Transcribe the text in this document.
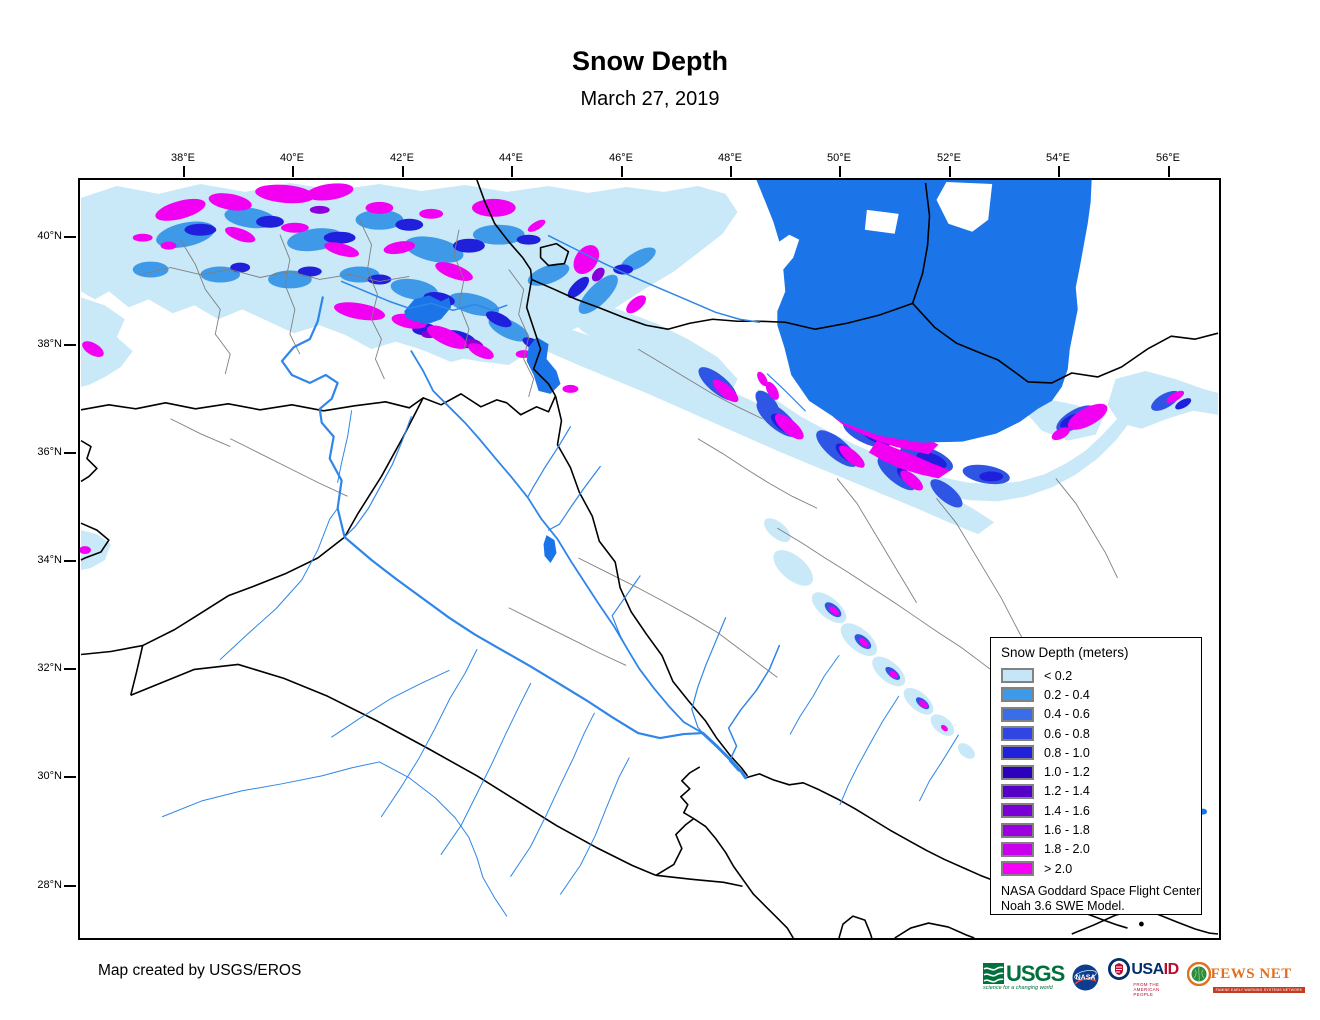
Snow Depth
March 27, 2019
38°E	40°E	42°E	44°E	46°E	48°E	50°E	52°E	54°E	56°E
40°N
38°N
36°N
34°N
32°N
30°N
28°N
Snow Depth (meters)
< 0.2
0.2 - 0.4
0.4 - 0.6
0.6 - 0.8
0.8 - 1.0
1.0 - 1.2
1.2 - 1.4
1.4 - 1.6
1.6 - 1.8
1.8 - 2.0
> 2.0
NASA Goddard Space Flight Center
Noah 3.6 SWE Model.
Map created by USGS/EROS	USGS
science for a changing world
NASA USAID
FROM THE AMERICAN PEOPLE
FEWS NET
FAMINE EARLY WARNING SYSTEMS NETWORK
